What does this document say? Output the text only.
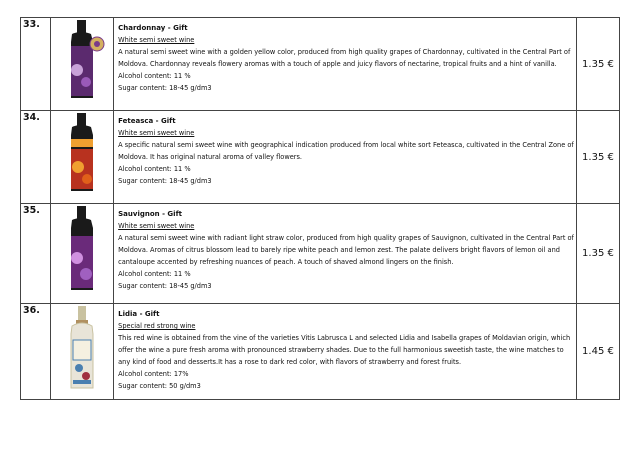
33.		Chardonnay - Gift
White semi sweet wine
A natural semi sweet wine with a golden yellow color, produced from high quality grapes of Chardonnay, cultivated in the Central Part of Moldova. Chardonnay reveals flowery aromas with a touch of apple and juicy flavors of nectarine, tropical fruits and a hint of vanilla.
Alcohol content: 11 %
Sugar content: 18-45 g/dm3	1.35 €
34.		Feteasca - Gift
White semi sweet wine
A specific natural semi sweet wine with geographical indication produced from local white sort Feteasca, cultivated in the Central Zone of Moldova. It has original natural aroma of valley flowers.
Alcohol content: 11 %
Sugar content: 18-45 g/dm3	1.35 €
35.		Sauvignon - Gift
White semi sweet wine
A natural semi sweet wine with radiant light straw color, produced from high quality grapes of Sauvignon, cultivated in the Central Part of Moldova. Aromas of citrus blossom lead to barely ripe white peach and lemon zest. The palate delivers bright flavors of lemon oil and cantaloupe accented by refreshing nuances of peach. A touch of shaved almond lingers on the finish.
Alcohol content: 11 %
Sugar content: 18-45 g/dm3	1.35 €
36.		Lidia - Gift
Special red strong wine
This red wine is obtained from the vine of the varieties Vitis Labrusca L and selected Lidia and Isabella grapes of Moldavian origin, which offer the wine a pure fresh aroma with pronounced strawberry shades. Due to the full harmonious sweetish taste, the wine matches to any kind of food and desserts.It has a rose to dark red color, with flavors of strawberry and forest fruits.
Alcohol content: 17%
Sugar content: 50 g/dm3	1.45 €
